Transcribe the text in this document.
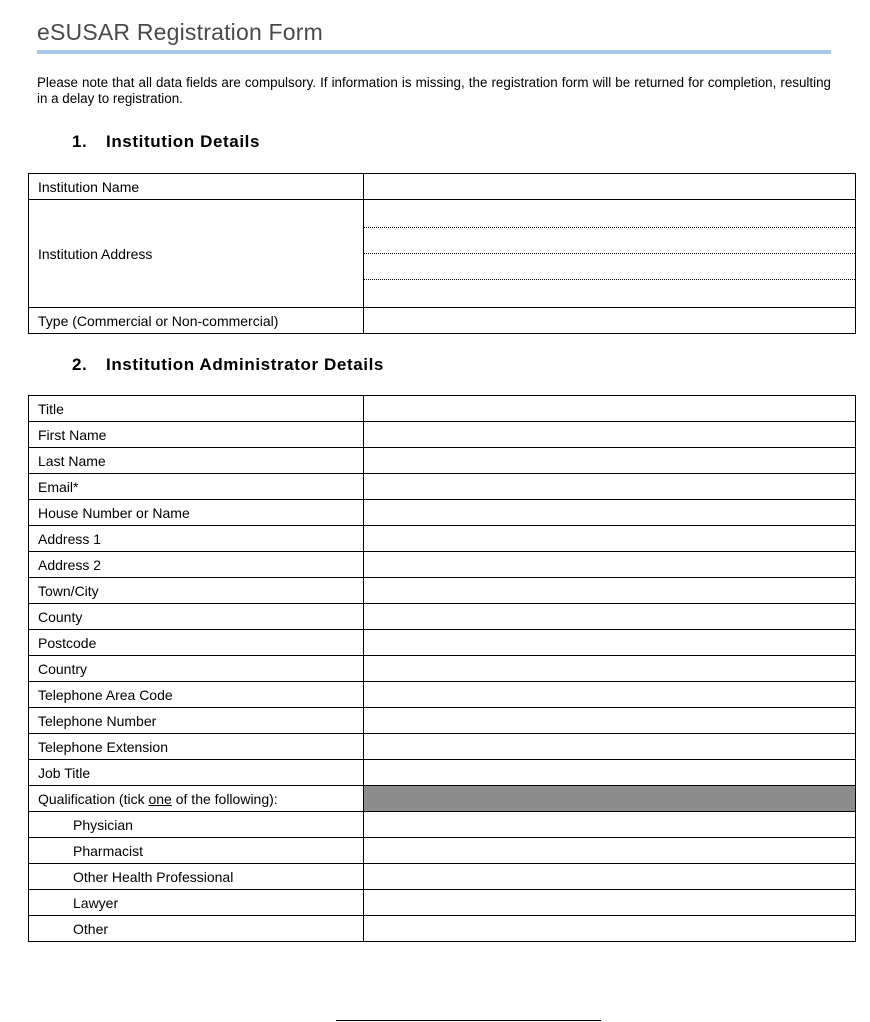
eSUSAR Registration Form
Please note that all data fields are compulsory. If information is missing, the registration form will be returned for completion, resulting in a delay to registration.
1. Institution Details
Institution Name	
Institution Address	

Type (Commercial or Non-commercial)	
2. Institution Administrator Details
Title	
First Name	
Last Name	
Email*	
House Number or Name	
Address 1	
Address 2	
Town/City	
County	
Postcode	
Country	
Telephone Area Code	
Telephone Number	
Telephone Extension	
Job Title	
Qualification (tick one of the following):	
Physician	
Pharmacist	
Other Health Professional	
Lawyer	
Other	
